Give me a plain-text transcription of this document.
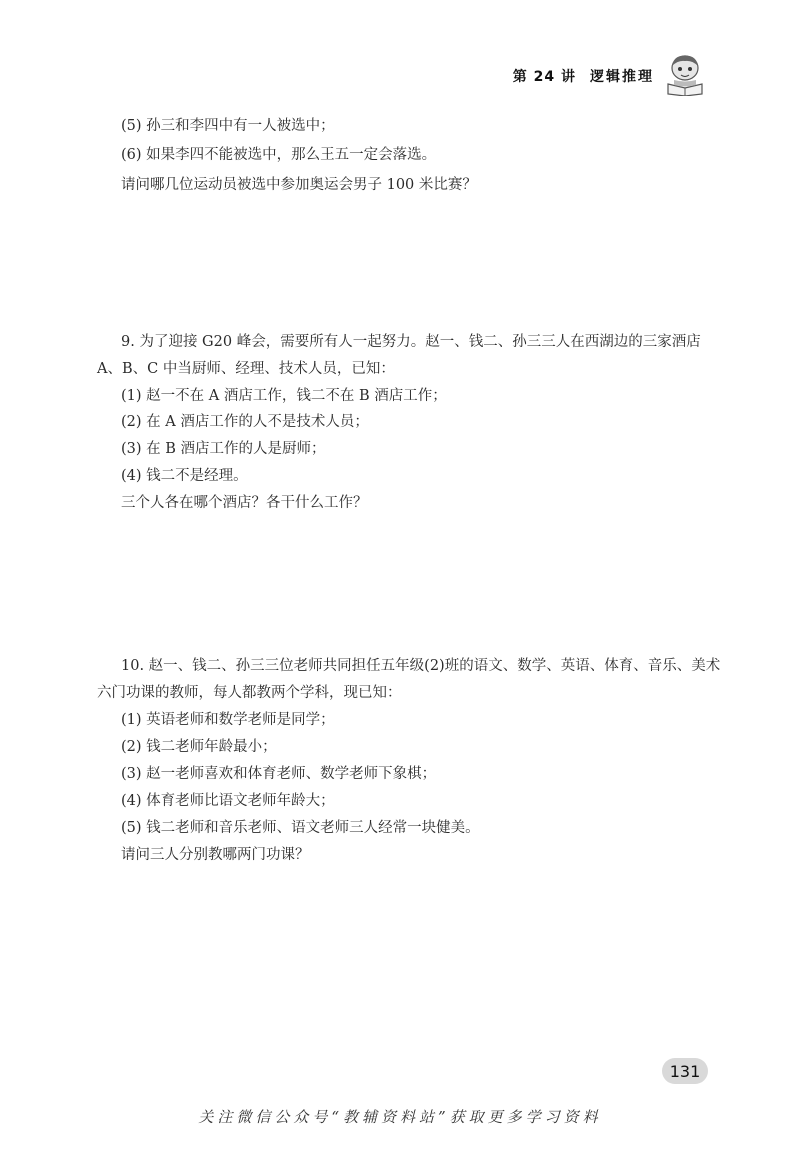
第 24 讲 逻辑推理
(5) 孙三和李四中有一人被选中；
(6) 如果李四不能被选中，那么王五一定会落选。
请问哪几位运动员被选中参加奥运会男子 100 米比赛？
9. 为了迎接 G20 峰会，需要所有人一起努力。赵一、钱二、孙三三人在西湖边的三家酒店
A、B、C 中当厨师、经理、技术人员，已知：
(1) 赵一不在 A 酒店工作，钱二不在 B 酒店工作；
(2) 在 A 酒店工作的人不是技术人员；
(3) 在 B 酒店工作的人是厨师；
(4) 钱二不是经理。
三个人各在哪个酒店？各干什么工作？
10. 赵一、钱二、孙三三位老师共同担任五年级(2)班的语文、数学、英语、体育、音乐、美术
六门功课的教师，每人都教两个学科，现已知：
(1) 英语老师和数学老师是同学；
(2) 钱二老师年龄最小；
(3) 赵一老师喜欢和体育老师、数学老师下象棋；
(4) 体育老师比语文老师年龄大；
(5) 钱二老师和音乐老师、语文老师三人经常一块健美。
请问三人分别教哪两门功课？
131
关注微信公众号“教辅资料站”获取更多学习资料
